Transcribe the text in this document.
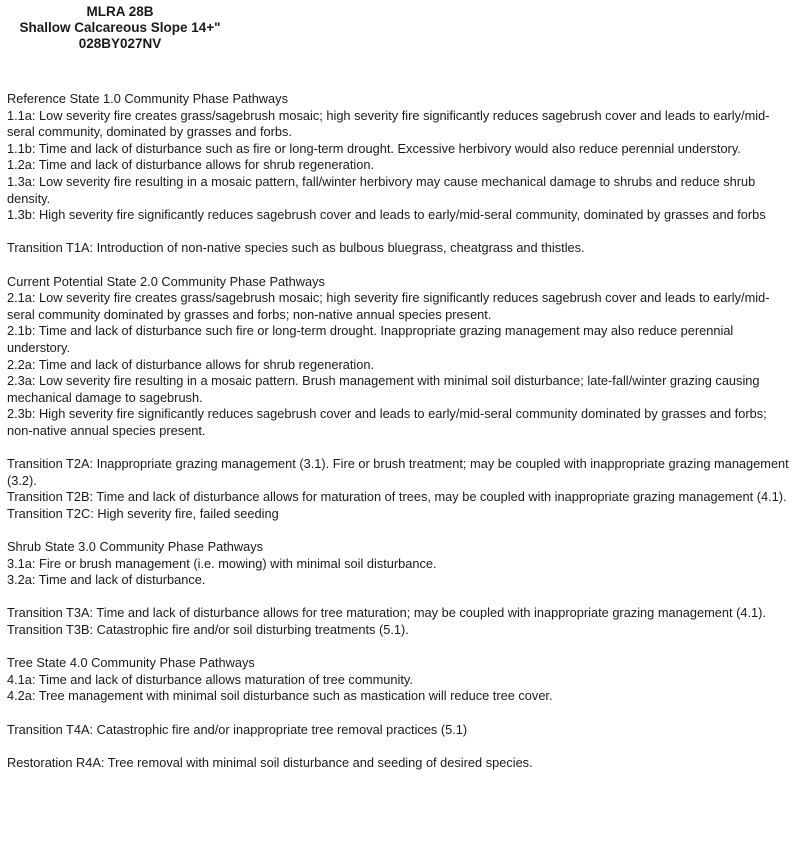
MLRA 28B
Shallow Calcareous Slope 14+"
028BY027NV

Reference State 1.0 Community Phase Pathways

1.1a: Low severity fire creates grass/sagebrush mosaic; high severity fire significantly reduces sagebrush cover and leads to early/mid-seral community, dominated by grasses and forbs.

1.1b: Time and lack of disturbance such as fire or long-term drought. Excessive herbivory would also reduce perennial understory.

1.2a: Time and lack of disturbance allows for shrub regeneration.

1.3a: Low severity fire resulting in a mosaic pattern, fall/winter herbivory may cause mechanical damage to shrubs and reduce shrub density.

1.3b: High severity fire significantly reduces sagebrush cover and leads to early/mid-seral community, dominated by grasses and forbs

Transition T1A: Introduction of non-native species such as bulbous bluegrass, cheatgrass and thistles.

Current Potential State 2.0 Community Phase Pathways

2.1a: Low severity fire creates grass/sagebrush mosaic; high severity fire significantly reduces sagebrush cover and leads to early/mid-seral community dominated by grasses and forbs; non-native annual species present.

2.1b: Time and lack of disturbance such fire or long-term drought. Inappropriate grazing management may also reduce perennial understory.

2.2a: Time and lack of disturbance allows for shrub regeneration.

2.3a: Low severity fire resulting in a mosaic pattern. Brush management with minimal soil disturbance; late-fall/winter grazing causing mechanical damage to sagebrush.

2.3b: High severity fire significantly reduces sagebrush cover and leads to early/mid-seral community dominated by grasses and forbs; non-native annual species present.

Transition T2A: Inappropriate grazing management (3.1). Fire or brush treatment; may be coupled with inappropriate grazing management (3.2).

Transition T2B: Time and lack of disturbance allows for maturation of trees, may be coupled with inappropriate grazing management (4.1).

Transition T2C: High severity fire, failed seeding

Shrub State 3.0 Community Phase Pathways

3.1a: Fire or brush management (i.e. mowing) with minimal soil disturbance.

3.2a: Time and lack of disturbance.

Transition T3A: Time and lack of disturbance allows for tree maturation; may be coupled with inappropriate grazing management (4.1).

Transition T3B: Catastrophic fire and/or soil disturbing treatments (5.1).

Tree State 4.0 Community Phase Pathways

4.1a: Time and lack of disturbance allows maturation of tree community.

4.2a: Tree management with minimal soil disturbance such as mastication will reduce tree cover.

Transition T4A: Catastrophic fire and/or inappropriate tree removal practices (5.1)

Restoration R4A: Tree removal with minimal soil disturbance and seeding of desired species.
